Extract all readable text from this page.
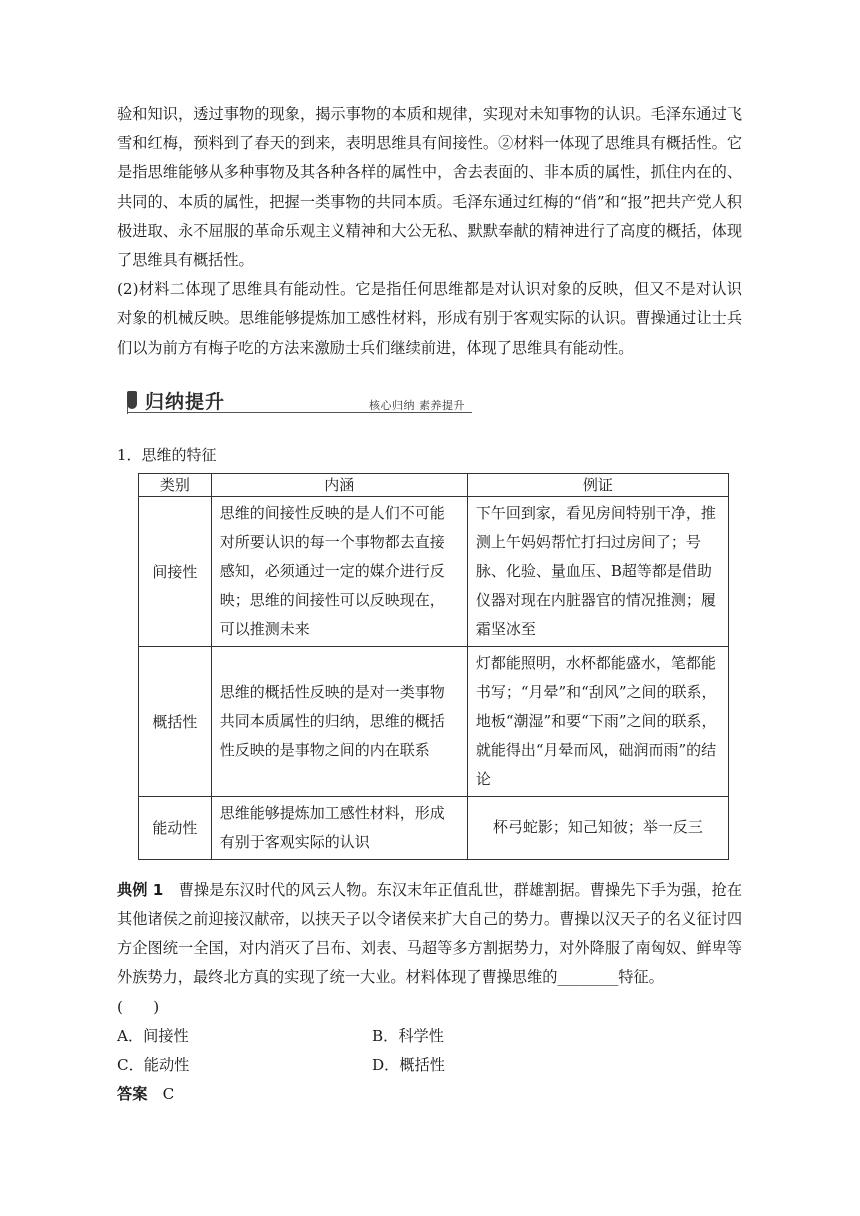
验和知识，透过事物的现象，揭示事物的本质和规律，实现对未知事物的认识。毛泽东通过飞雪和红梅，预料到了春天的到来，表明思维具有间接性。②材料一体现了思维具有概括性。它是指思维能够从多种事物及其各种各样的属性中，舍去表面的、非本质的属性，抓住内在的、共同的、本质的属性，把握一类事物的共同本质。毛泽东通过红梅的“俏”和“报”把共产党人积极进取、永不屈服的革命乐观主义精神和大公无私、默默奉献的精神进行了高度的概括，体现了思维具有概括性。

(2)材料二体现了思维具有能动性。它是指任何思维都是对认识对象的反映，但又不是对认识对象的机械反映。思维能够提炼加工感性材料，形成有别于客观实际的认识。曹操通过让士兵们以为前方有梅子吃的方法来激励士兵们继续前进，体现了思维具有能动性。

归纳提升	核心归纳 素养提升

1．思维的特征

类别	内涵	例证
间接性	思维的间接性反映的是人们不可能对所要认识的每一个事物都去直接感知，必须通过一定的媒介进行反映；思维的间接性可以反映现在，可以推测未来	下午回到家，看见房间特别干净，推测上午妈妈帮忙打扫过房间了；号脉、化验、量血压、B超等都是借助仪器对现在内脏器官的情况推测；履霜坚冰至

概括性	思维的概括性反映的是对一类事物共同本质属性的归纳，思维的概括性反映的是事物之间的内在联系	灯都能照明，水杯都能盛水，笔都能书写；“月晕”和“刮风”之间的联系，地板“潮湿”和要“下雨”之间的联系，就能得出“月晕而风，础润而雨”的结论

能动性	思维能够提炼加工感性材料，形成有别于客观实际的认识	杯弓蛇影；知己知彼；举一反三

典例 1　 曹操是东汉时代的风云人物。东汉末年正值乱世，群雄割据。曹操先下手为强，抢在其他诸侯之前迎接汉献帝，以挟天子以令诸侯来扩大自己的势力。曹操以汉天子的名义征讨四方企图统一全国，对内消灭了吕布、刘表、马超等多方割据势力，对外降服了南匈奴、鲜卑等外族势力，最终北方真的实现了统一大业。材料体现了曹操思维的________特征。

(　　)

A．间接性	B．科学性
C．能动性	D．概括性

答案　 C
